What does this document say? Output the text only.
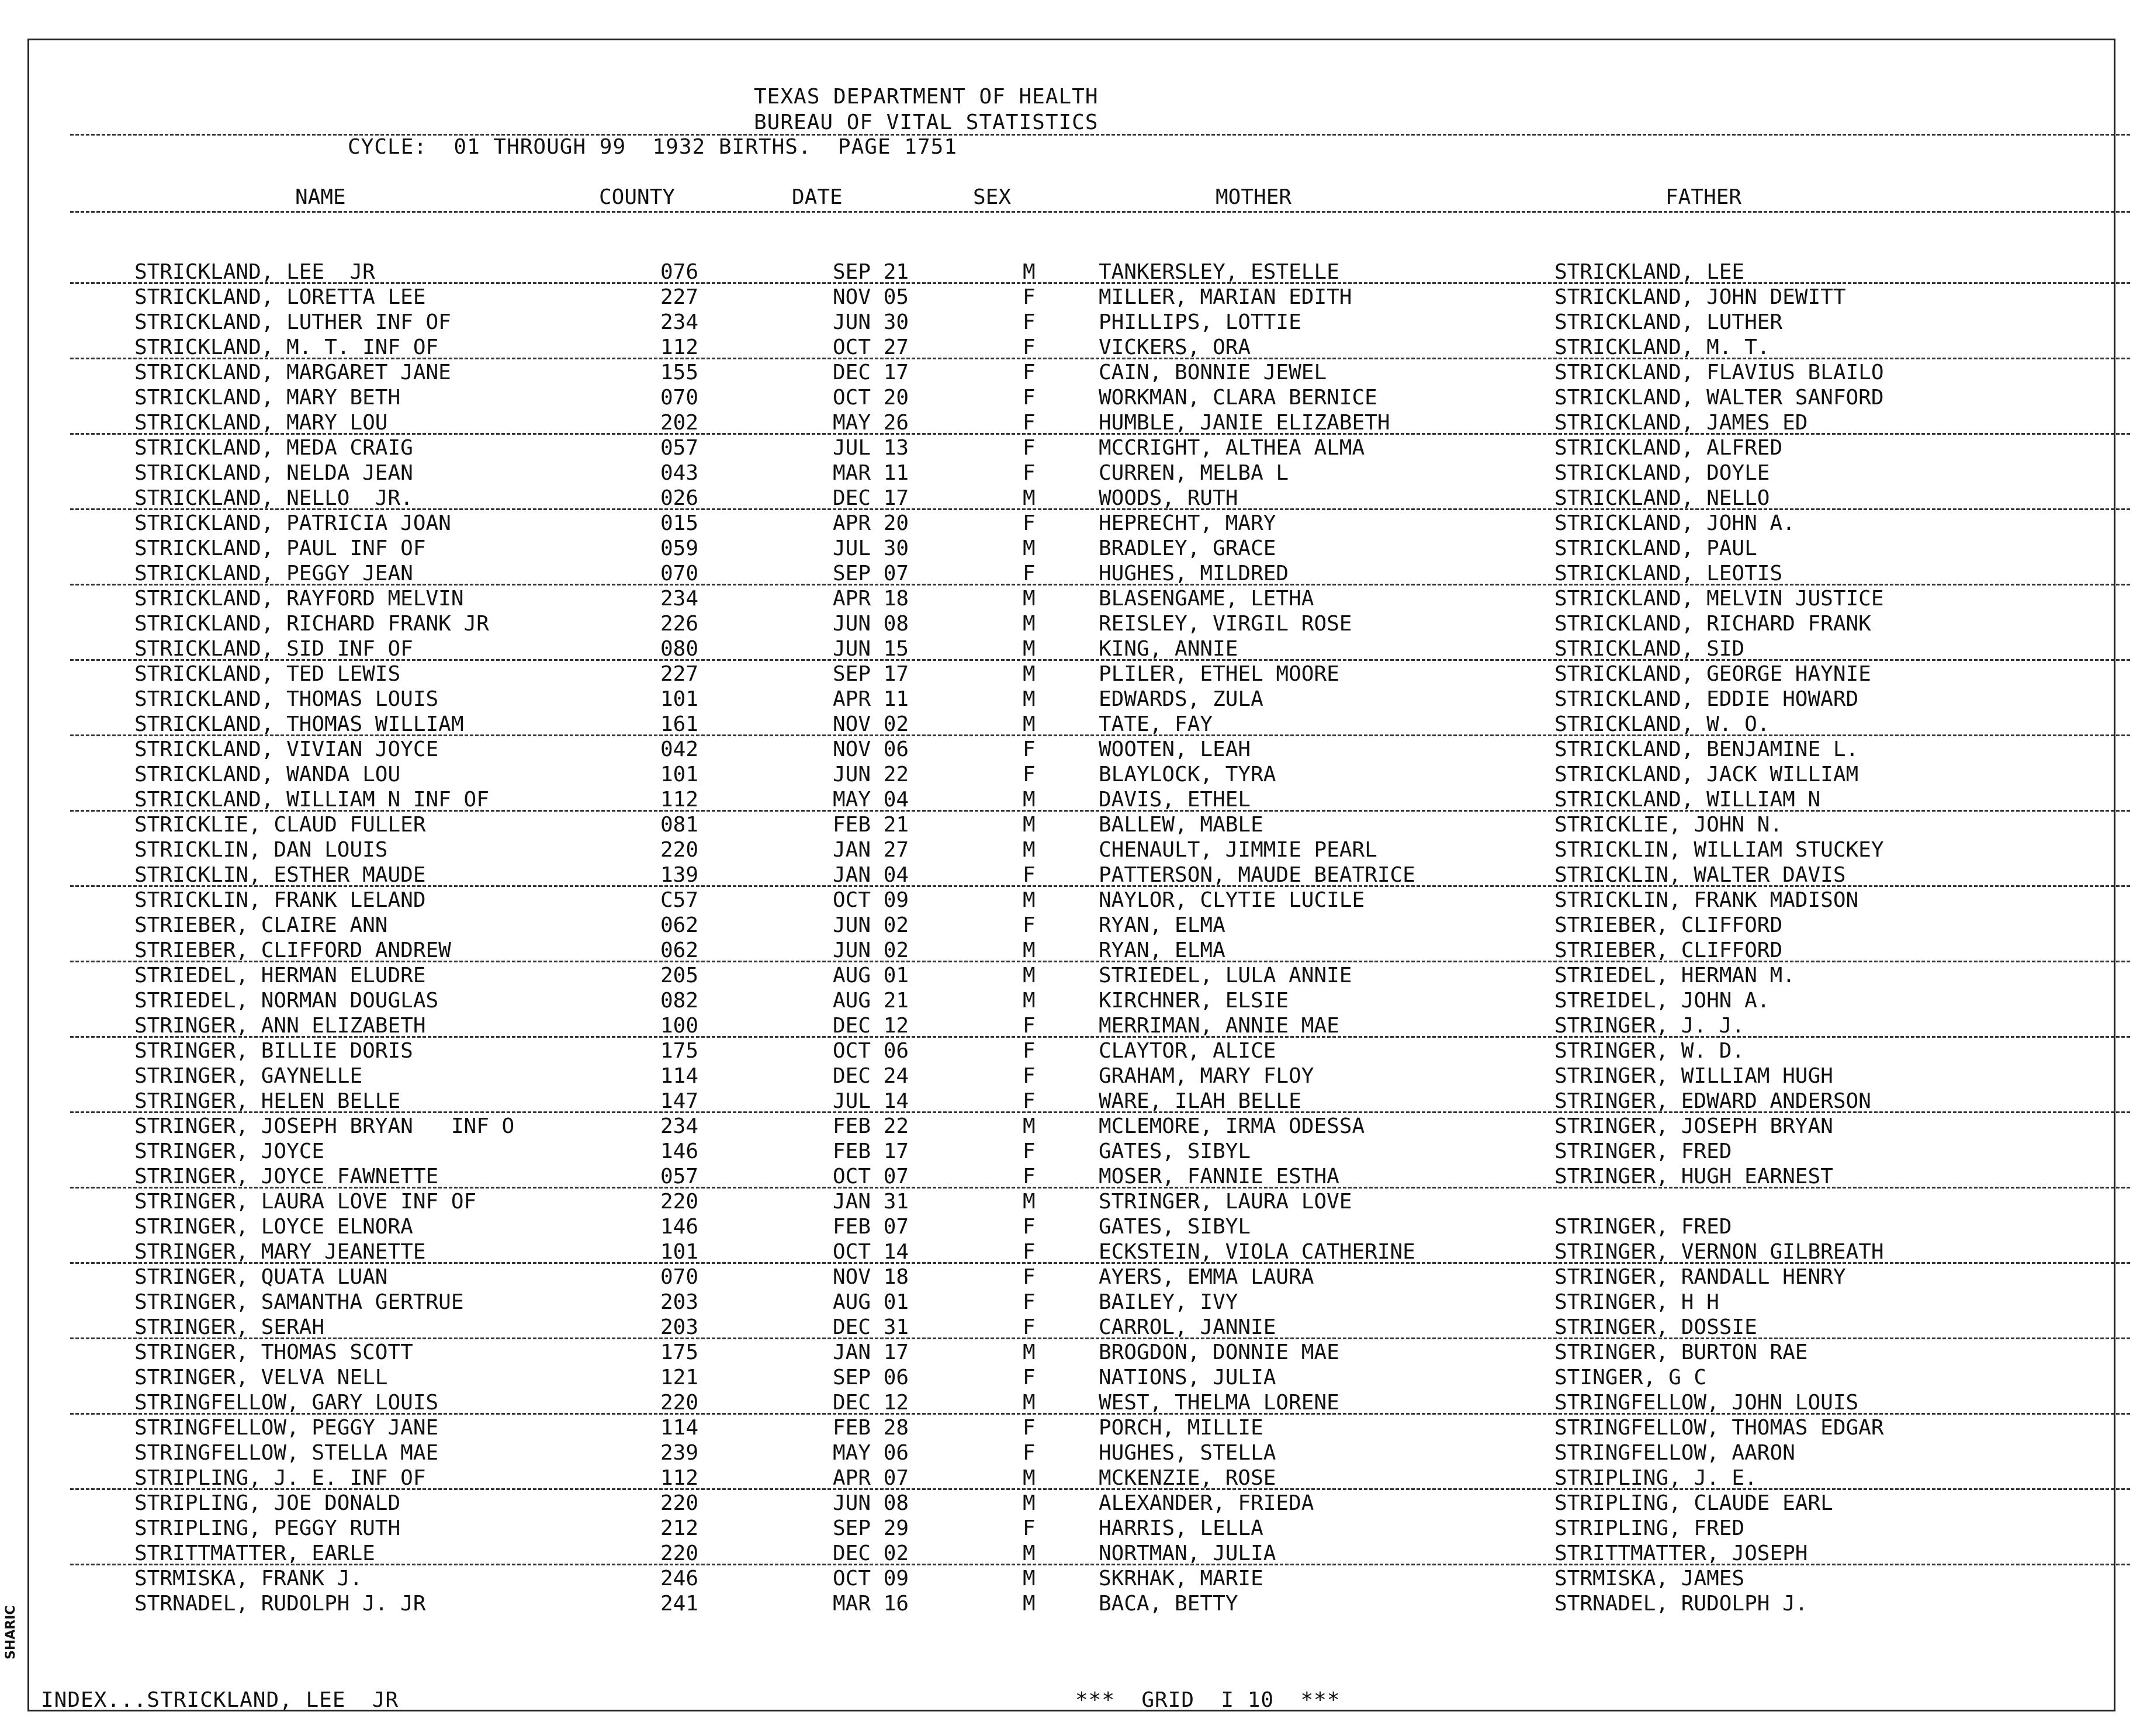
SHARIC
TEXAS DEPARTMENT OF HEALTH
BUREAU OF VITAL STATISTICS
CYCLE:  01 THROUGH 99  1932 BIRTHS.  PAGE 1751
NAME	COUNTY	DATE	SEX	MOTHER	FATHER
STRICKLAND, LEE  JR	076	SEP 21	M	TANKERSLEY, ESTELLE	STRICKLAND, LEE
STRICKLAND, LORETTA LEE	227	NOV 05	F	MILLER, MARIAN EDITH	STRICKLAND, JOHN DEWITT
STRICKLAND, LUTHER INF OF	234	JUN 30	F	PHILLIPS, LOTTIE	STRICKLAND, LUTHER
STRICKLAND, M. T. INF OF	112	OCT 27	F	VICKERS, ORA	STRICKLAND, M. T.
STRICKLAND, MARGARET JANE	155	DEC 17	F	CAIN, BONNIE JEWEL	STRICKLAND, FLAVIUS BLAILO
STRICKLAND, MARY BETH	070	OCT 20	F	WORKMAN, CLARA BERNICE	STRICKLAND, WALTER SANFORD
STRICKLAND, MARY LOU	202	MAY 26	F	HUMBLE, JANIE ELIZABETH	STRICKLAND, JAMES ED
STRICKLAND, MEDA CRAIG	057	JUL 13	F	MCCRIGHT, ALTHEA ALMA	STRICKLAND, ALFRED
STRICKLAND, NELDA JEAN	043	MAR 11	F	CURREN, MELBA L	STRICKLAND, DOYLE
STRICKLAND, NELLO  JR.	026	DEC 17	M	WOODS, RUTH	STRICKLAND, NELLO
STRICKLAND, PATRICIA JOAN	015	APR 20	F	HEPRECHT, MARY	STRICKLAND, JOHN A.
STRICKLAND, PAUL INF OF	059	JUL 30	M	BRADLEY, GRACE	STRICKLAND, PAUL
STRICKLAND, PEGGY JEAN	070	SEP 07	F	HUGHES, MILDRED	STRICKLAND, LEOTIS
STRICKLAND, RAYFORD MELVIN	234	APR 18	M	BLASENGAME, LETHA	STRICKLAND, MELVIN JUSTICE
STRICKLAND, RICHARD FRANK JR	226	JUN 08	M	REISLEY, VIRGIL ROSE	STRICKLAND, RICHARD FRANK
STRICKLAND, SID INF OF	080	JUN 15	M	KING, ANNIE	STRICKLAND, SID
STRICKLAND, TED LEWIS	227	SEP 17	M	PLILER, ETHEL MOORE	STRICKLAND, GEORGE HAYNIE
STRICKLAND, THOMAS LOUIS	101	APR 11	M	EDWARDS, ZULA	STRICKLAND, EDDIE HOWARD
STRICKLAND, THOMAS WILLIAM	161	NOV 02	M	TATE, FAY	STRICKLAND, W. O.
STRICKLAND, VIVIAN JOYCE	042	NOV 06	F	WOOTEN, LEAH	STRICKLAND, BENJAMINE L.
STRICKLAND, WANDA LOU	101	JUN 22	F	BLAYLOCK, TYRA	STRICKLAND, JACK WILLIAM
STRICKLAND, WILLIAM N INF OF	112	MAY 04	M	DAVIS, ETHEL	STRICKLAND, WILLIAM N
STRICKLIE, CLAUD FULLER	081	FEB 21	M	BALLEW, MABLE	STRICKLIE, JOHN N.
STRICKLIN, DAN LOUIS	220	JAN 27	M	CHENAULT, JIMMIE PEARL	STRICKLIN, WILLIAM STUCKEY
STRICKLIN, ESTHER MAUDE	139	JAN 04	F	PATTERSON, MAUDE BEATRICE	STRICKLIN, WALTER DAVIS
STRICKLIN, FRANK LELAND	C57	OCT 09	M	NAYLOR, CLYTIE LUCILE	STRICKLIN, FRANK MADISON
STRIEBER, CLAIRE ANN	062	JUN 02	F	RYAN, ELMA	STRIEBER, CLIFFORD
STRIEBER, CLIFFORD ANDREW	062	JUN 02	M	RYAN, ELMA	STRIEBER, CLIFFORD
STRIEDEL, HERMAN ELUDRE	205	AUG 01	M	STRIEDEL, LULA ANNIE	STRIEDEL, HERMAN M.
STRIEDEL, NORMAN DOUGLAS	082	AUG 21	M	KIRCHNER, ELSIE	STREIDEL, JOHN A.
STRINGER, ANN ELIZABETH	100	DEC 12	F	MERRIMAN, ANNIE MAE	STRINGER, J. J.
STRINGER, BILLIE DORIS	175	OCT 06	F	CLAYTOR, ALICE	STRINGER, W. D.
STRINGER, GAYNELLE	114	DEC 24	F	GRAHAM, MARY FLOY	STRINGER, WILLIAM HUGH
STRINGER, HELEN BELLE	147	JUL 14	F	WARE, ILAH BELLE	STRINGER, EDWARD ANDERSON
STRINGER, JOSEPH BRYAN   INF O	234	FEB 22	M	MCLEMORE, IRMA ODESSA	STRINGER, JOSEPH BRYAN
STRINGER, JOYCE	146	FEB 17	F	GATES, SIBYL	STRINGER, FRED
STRINGER, JOYCE FAWNETTE	057	OCT 07	F	MOSER, FANNIE ESTHA	STRINGER, HUGH EARNEST
STRINGER, LAURA LOVE INF OF	220	JAN 31	M	STRINGER, LAURA LOVE
STRINGER, LOYCE ELNORA	146	FEB 07	F	GATES, SIBYL	STRINGER, FRED
STRINGER, MARY JEANETTE	101	OCT 14	F	ECKSTEIN, VIOLA CATHERINE	STRINGER, VERNON GILBREATH
STRINGER, QUATA LUAN	070	NOV 18	F	AYERS, EMMA LAURA	STRINGER, RANDALL HENRY
STRINGER, SAMANTHA GERTRUE	203	AUG 01	F	BAILEY, IVY	STRINGER, H H
STRINGER, SERAH	203	DEC 31	F	CARROL, JANNIE	STRINGER, DOSSIE
STRINGER, THOMAS SCOTT	175	JAN 17	M	BROGDON, DONNIE MAE	STRINGER, BURTON RAE
STRINGER, VELVA NELL	121	SEP 06	F	NATIONS, JULIA	STINGER, G C
STRINGFELLOW, GARY LOUIS	220	DEC 12	M	WEST, THELMA LORENE	STRINGFELLOW, JOHN LOUIS
STRINGFELLOW, PEGGY JANE	114	FEB 28	F	PORCH, MILLIE	STRINGFELLOW, THOMAS EDGAR
STRINGFELLOW, STELLA MAE	239	MAY 06	F	HUGHES, STELLA	STRINGFELLOW, AARON
STRIPLING, J. E. INF OF	112	APR 07	M	MCKENZIE, ROSE	STRIPLING, J. E.
STRIPLING, JOE DONALD	220	JUN 08	M	ALEXANDER, FRIEDA	STRIPLING, CLAUDE EARL
STRIPLING, PEGGY RUTH	212	SEP 29	F	HARRIS, LELLA	STRIPLING, FRED
STRITTMATTER, EARLE	220	DEC 02	M	NORTMAN, JULIA	STRITTMATTER, JOSEPH
STRMISKA, FRANK J.	246	OCT 09	M	SKRHAK, MARIE	STRMISKA, JAMES
STRNADEL, RUDOLPH J. JR	241	MAR 16	M	BACA, BETTY	STRNADEL, RUDOLPH J.
INDEX...STRICKLAND, LEE  JR	***  GRID  I 10  ***
